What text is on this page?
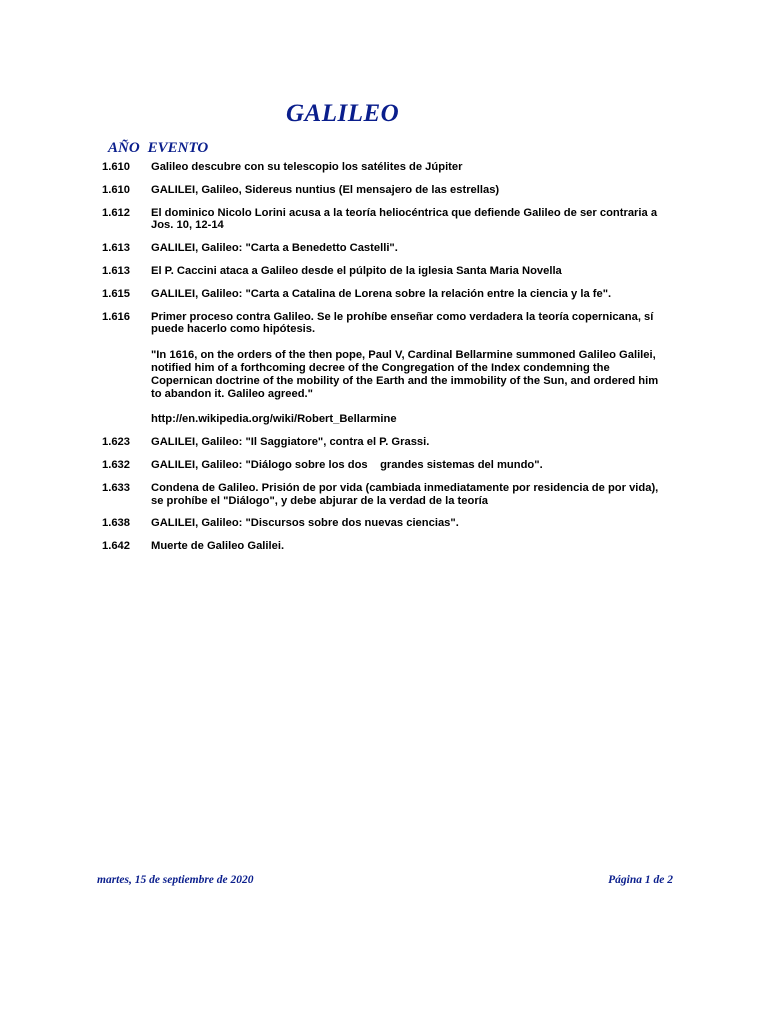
GALILEO
AÑO EVENTO
1.610	Galileo descubre con su telescopio los satélites de Júpiter

1.610	GALILEI, Galileo, Sidereus nuntius (El mensajero de las estrellas)

1.612	El dominico Nicolo Lorini acusa a la teoría heliocéntrica que defiende Galileo de ser contraria a Jos. 10, 12-14

1.613	GALILEI, Galileo: "Carta a Benedetto Castelli".

1.613	El P. Caccini ataca a Galileo desde el púlpito de la iglesia Santa Maria Novella

1.615	GALILEI, Galileo: "Carta a Catalina de Lorena sobre la relación entre la ciencia y la fe".

1.616	Primer proceso contra Galileo. Se le prohíbe enseñar como verdadera la teoría copernicana, sí puede hacerlo como hipótesis.

"In 1616, on the orders of the then pope, Paul V, Cardinal Bellarmine summoned Galileo Galilei, notified him of a forthcoming decree of the Congregation of the Index condemning the Copernican doctrine of the mobility of the Earth and the immobility of the Sun, and ordered him to abandon it. Galileo agreed."

http://en.wikipedia.org/wiki/Robert_Bellarmine

1.623	GALILEI, Galileo: "Il Saggiatore", contra el P. Grassi.

1.632	GALILEI, Galileo: "Diálogo sobre los dos    grandes sistemas del mundo".

1.633	Condena de Galileo. Prisión de por vida (cambiada inmediatamente por residencia de por vida), se prohíbe el "Diálogo", y debe abjurar de la verdad de la teoría

1.638	GALILEI, Galileo: "Discursos sobre dos nuevas ciencias".

1.642	Muerte de Galileo Galilei.

martes, 15 de septiembre de 2020	Página 1 de 2
